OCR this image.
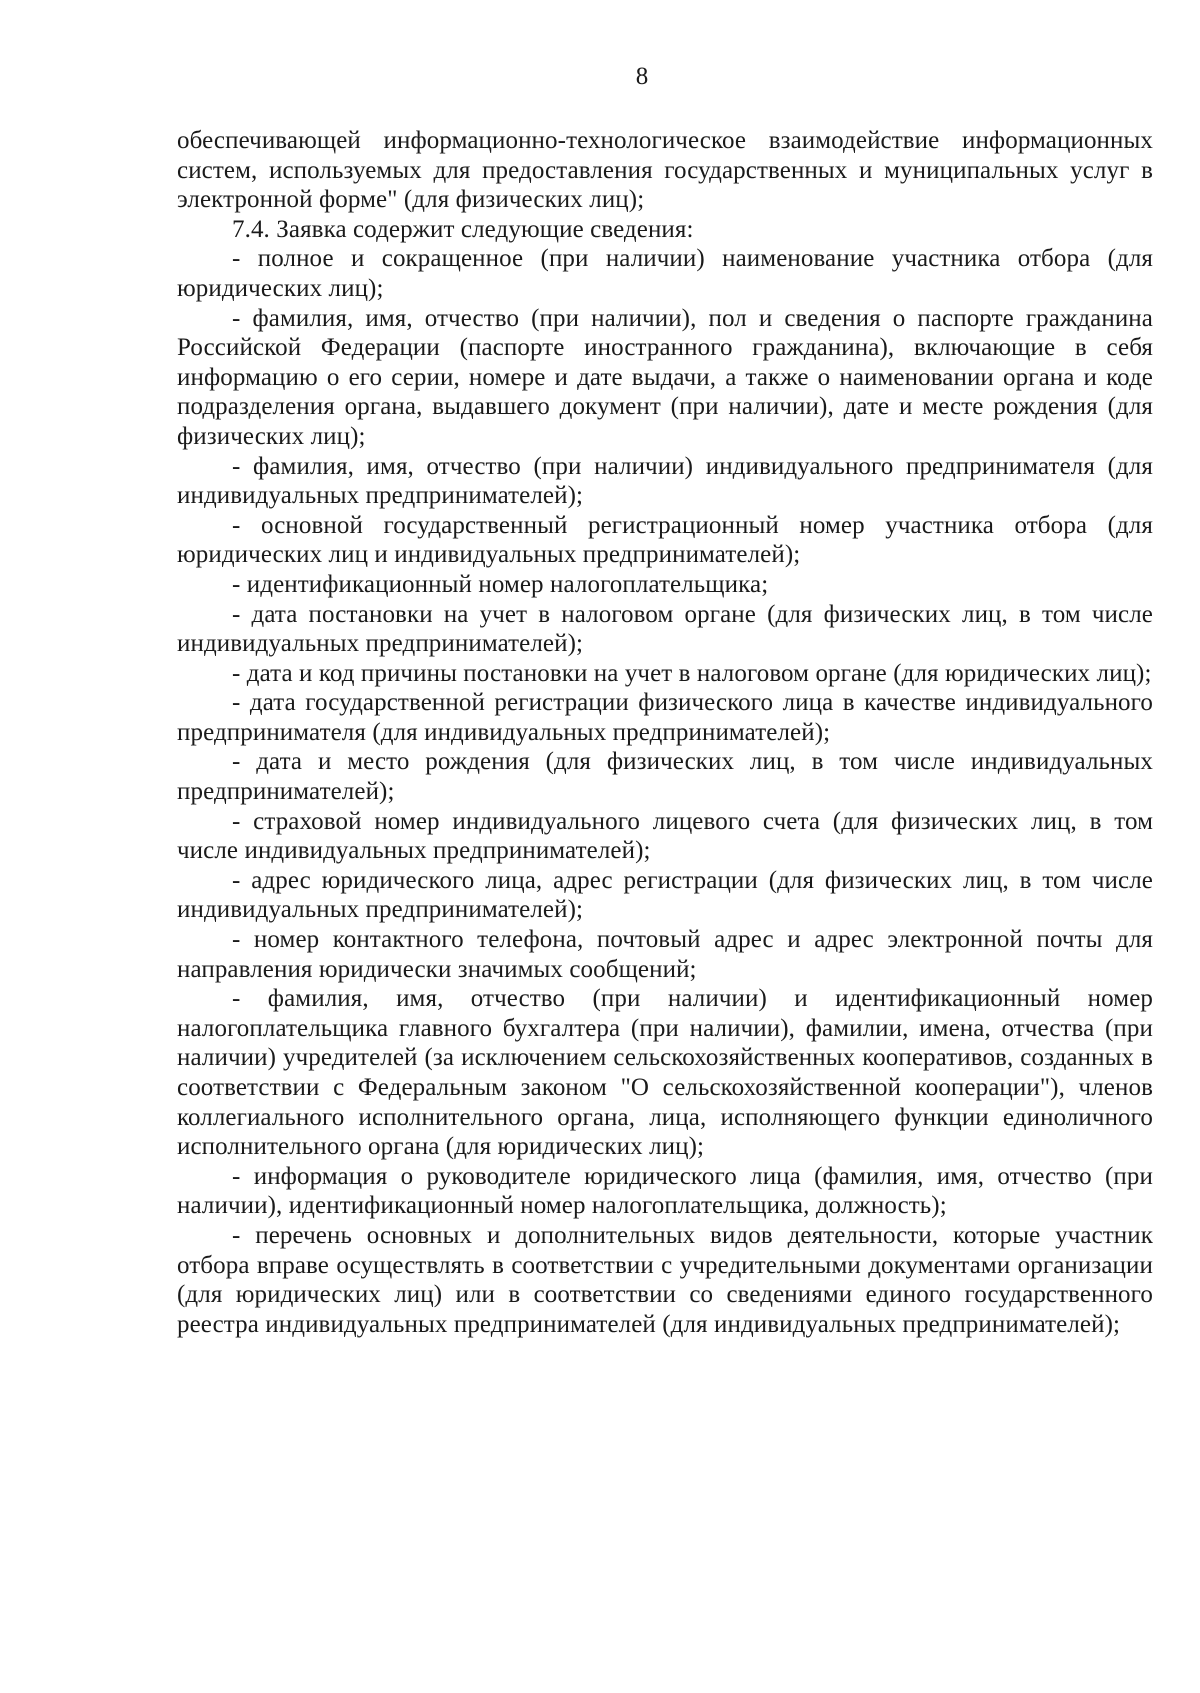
8

обеспечивающей информационно-технологическое взаимодействие информационных систем, используемых для предоставления государственных и муниципальных услуг в электронной форме" (для физических лиц);

7.4. Заявка содержит следующие сведения:

- полное и сокращенное (при наличии) наименование участника отбора (для юридических лиц);

- фамилия, имя, отчество (при наличии), пол и сведения о паспорте гражданина Российской Федерации (паспорте иностранного гражданина), включающие в себя информацию о его серии, номере и дате выдачи, а также о наименовании органа и коде подразделения органа, выдавшего документ (при наличии), дате и месте рождения (для физических лиц);

- фамилия, имя, отчество (при наличии) индивидуального предпринимателя (для индивидуальных предпринимателей);

- основной государственный регистрационный номер участника отбора (для юридических лиц и индивидуальных предпринимателей);

- идентификационный номер налогоплательщика;

- дата постановки на учет в налоговом органе (для физических лиц, в том числе индивидуальных предпринимателей);

- дата и код причины постановки на учет в налоговом органе (для юридических лиц);

- дата государственной регистрации физического лица в качестве индивидуального предпринимателя (для индивидуальных предпринимателей);

- дата и место рождения (для физических лиц, в том числе индивидуальных предпринимателей);

- страховой номер индивидуального лицевого счета (для физических лиц, в том числе индивидуальных предпринимателей);

- адрес юридического лица, адрес регистрации (для физических лиц, в том числе индивидуальных предпринимателей);

- номер контактного телефона, почтовый адрес и адрес электронной почты для направления юридически значимых сообщений;

- фамилия, имя, отчество (при наличии) и идентификационный номер налогоплательщика главного бухгалтера (при наличии), фамилии, имена, отчества (при наличии) учредителей (за исключением сельскохозяйственных кооперативов, созданных в соответствии с Федеральным законом "О сельскохозяйственной кооперации"), членов коллегиального исполнительного органа, лица, исполняющего функции единоличного исполнительного органа (для юридических лиц);

- информация о руководителе юридического лица (фамилия, имя, отчество (при наличии), идентификационный номер налогоплательщика, должность);

- перечень основных и дополнительных видов деятельности, которые участник отбора вправе осуществлять в соответствии с учредительными документами организации (для юридических лиц) или в соответствии со сведениями единого государственного реестра индивидуальных предпринимателей (для индивидуальных предпринимателей);
